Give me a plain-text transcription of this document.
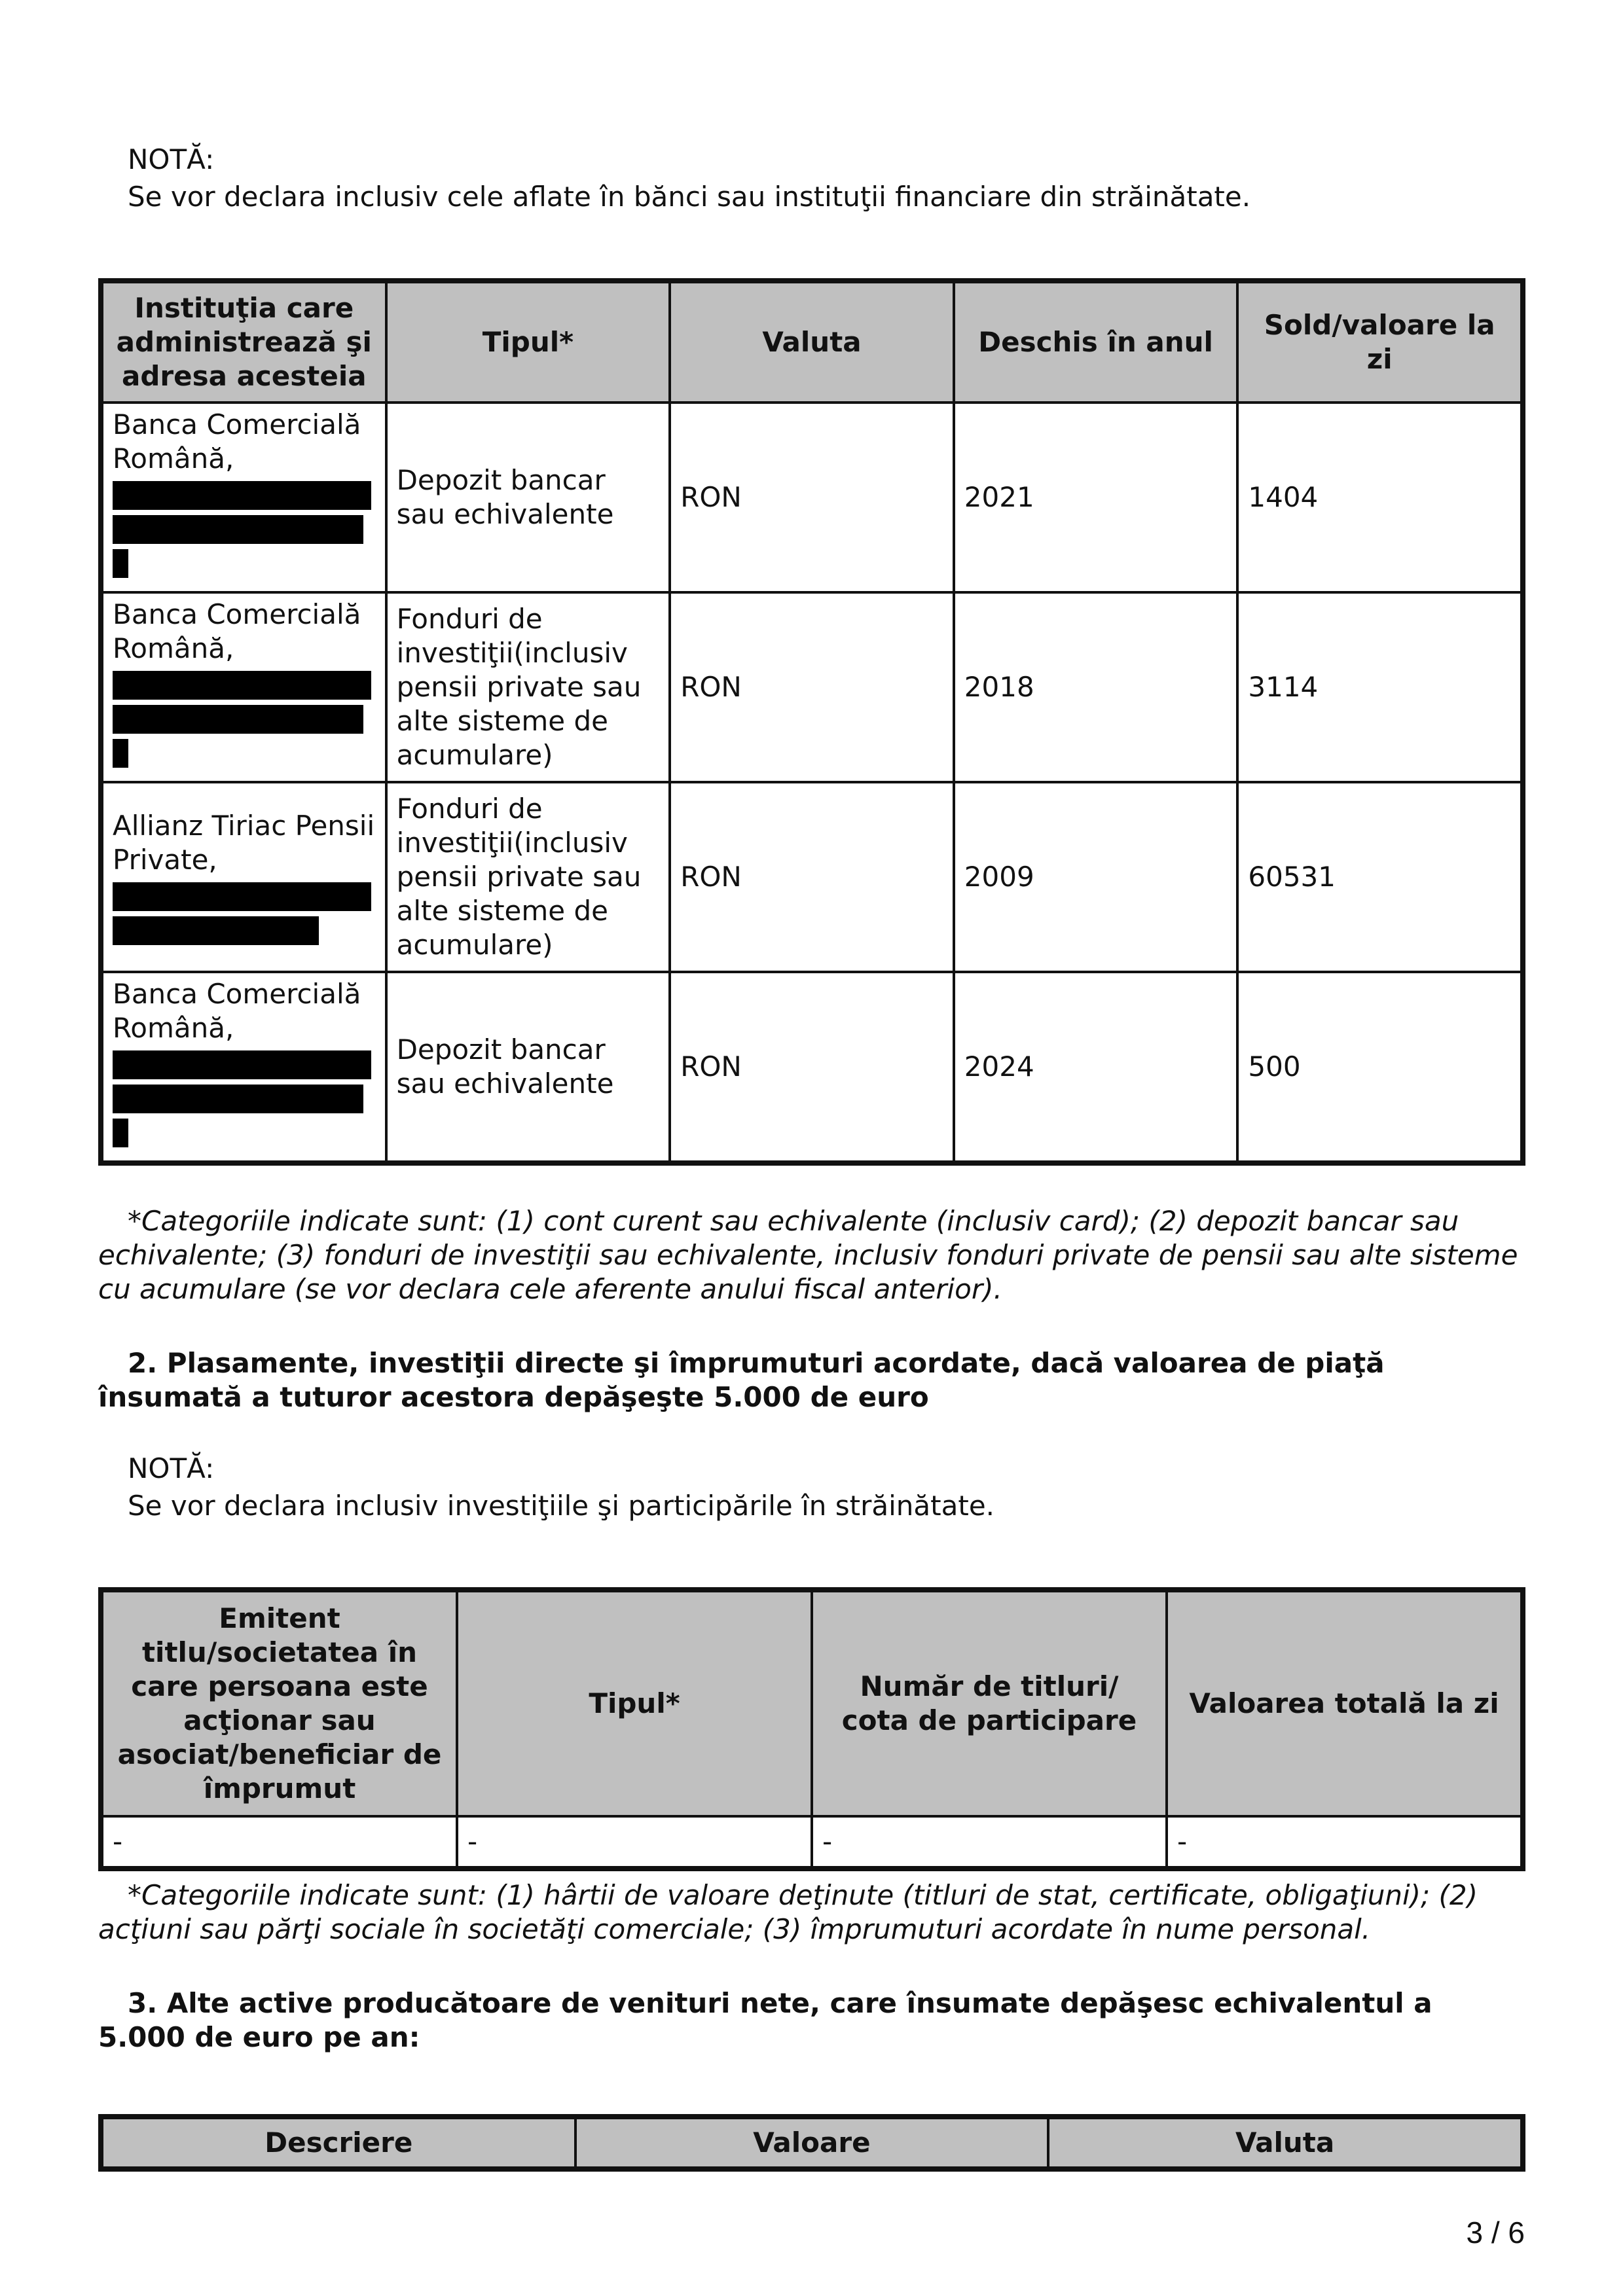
NOTĂ:
Se vor declara inclusiv cele aflate în bănci sau instituţii financiare din străinătate.
Instituţia care administrează şi adresa acesteia	Tipul*	Valuta	Deschis în anul	Sold/valoare la zi
Banca Comercială Română,	Depozit bancar sau echivalente	RON	2021	1404
Banca Comercială Română,	Fonduri de investiţii(inclusiv pensii private sau alte sisteme de acumulare)	RON	2018	3114
Allianz Tiriac Pensii Private,	Fonduri de investiţii(inclusiv pensii private sau alte sisteme de acumulare)	RON	2009	60531
Banca Comercială Română,	Depozit bancar sau echivalente	RON	2024	500
*Categoriile indicate sunt: (1) cont curent sau echivalente (inclusiv card); (2) depozit bancar sau echivalente; (3) fonduri de investiţii sau echivalente, inclusiv fonduri private de pensii sau alte sisteme cu acumulare (se vor declara cele aferente anului fiscal anterior).
2. Plasamente, investiţii directe şi împrumuturi acordate, dacă valoarea de piaţă însumată a tuturor acestora depăşeşte 5.000 de euro
NOTĂ:
Se vor declara inclusiv investiţiile şi participările în străinătate.
Emitent titlu/societatea în care persoana este acţionar sau asociat/beneficiar de împrumut	Tipul*	Număr de titluri/ cota de participare	Valoarea totală la zi
-	-	-	-
*Categoriile indicate sunt: (1) hârtii de valoare deţinute (titluri de stat, certificate, obligaţiuni); (2) acţiuni sau părţi sociale în societăţi comerciale; (3) împrumuturi acordate în nume personal.
3. Alte active producătoare de venituri nete, care însumate depăşesc echivalentul a 5.000 de euro pe an:
Descriere	Valoare	Valuta
3 / 6
